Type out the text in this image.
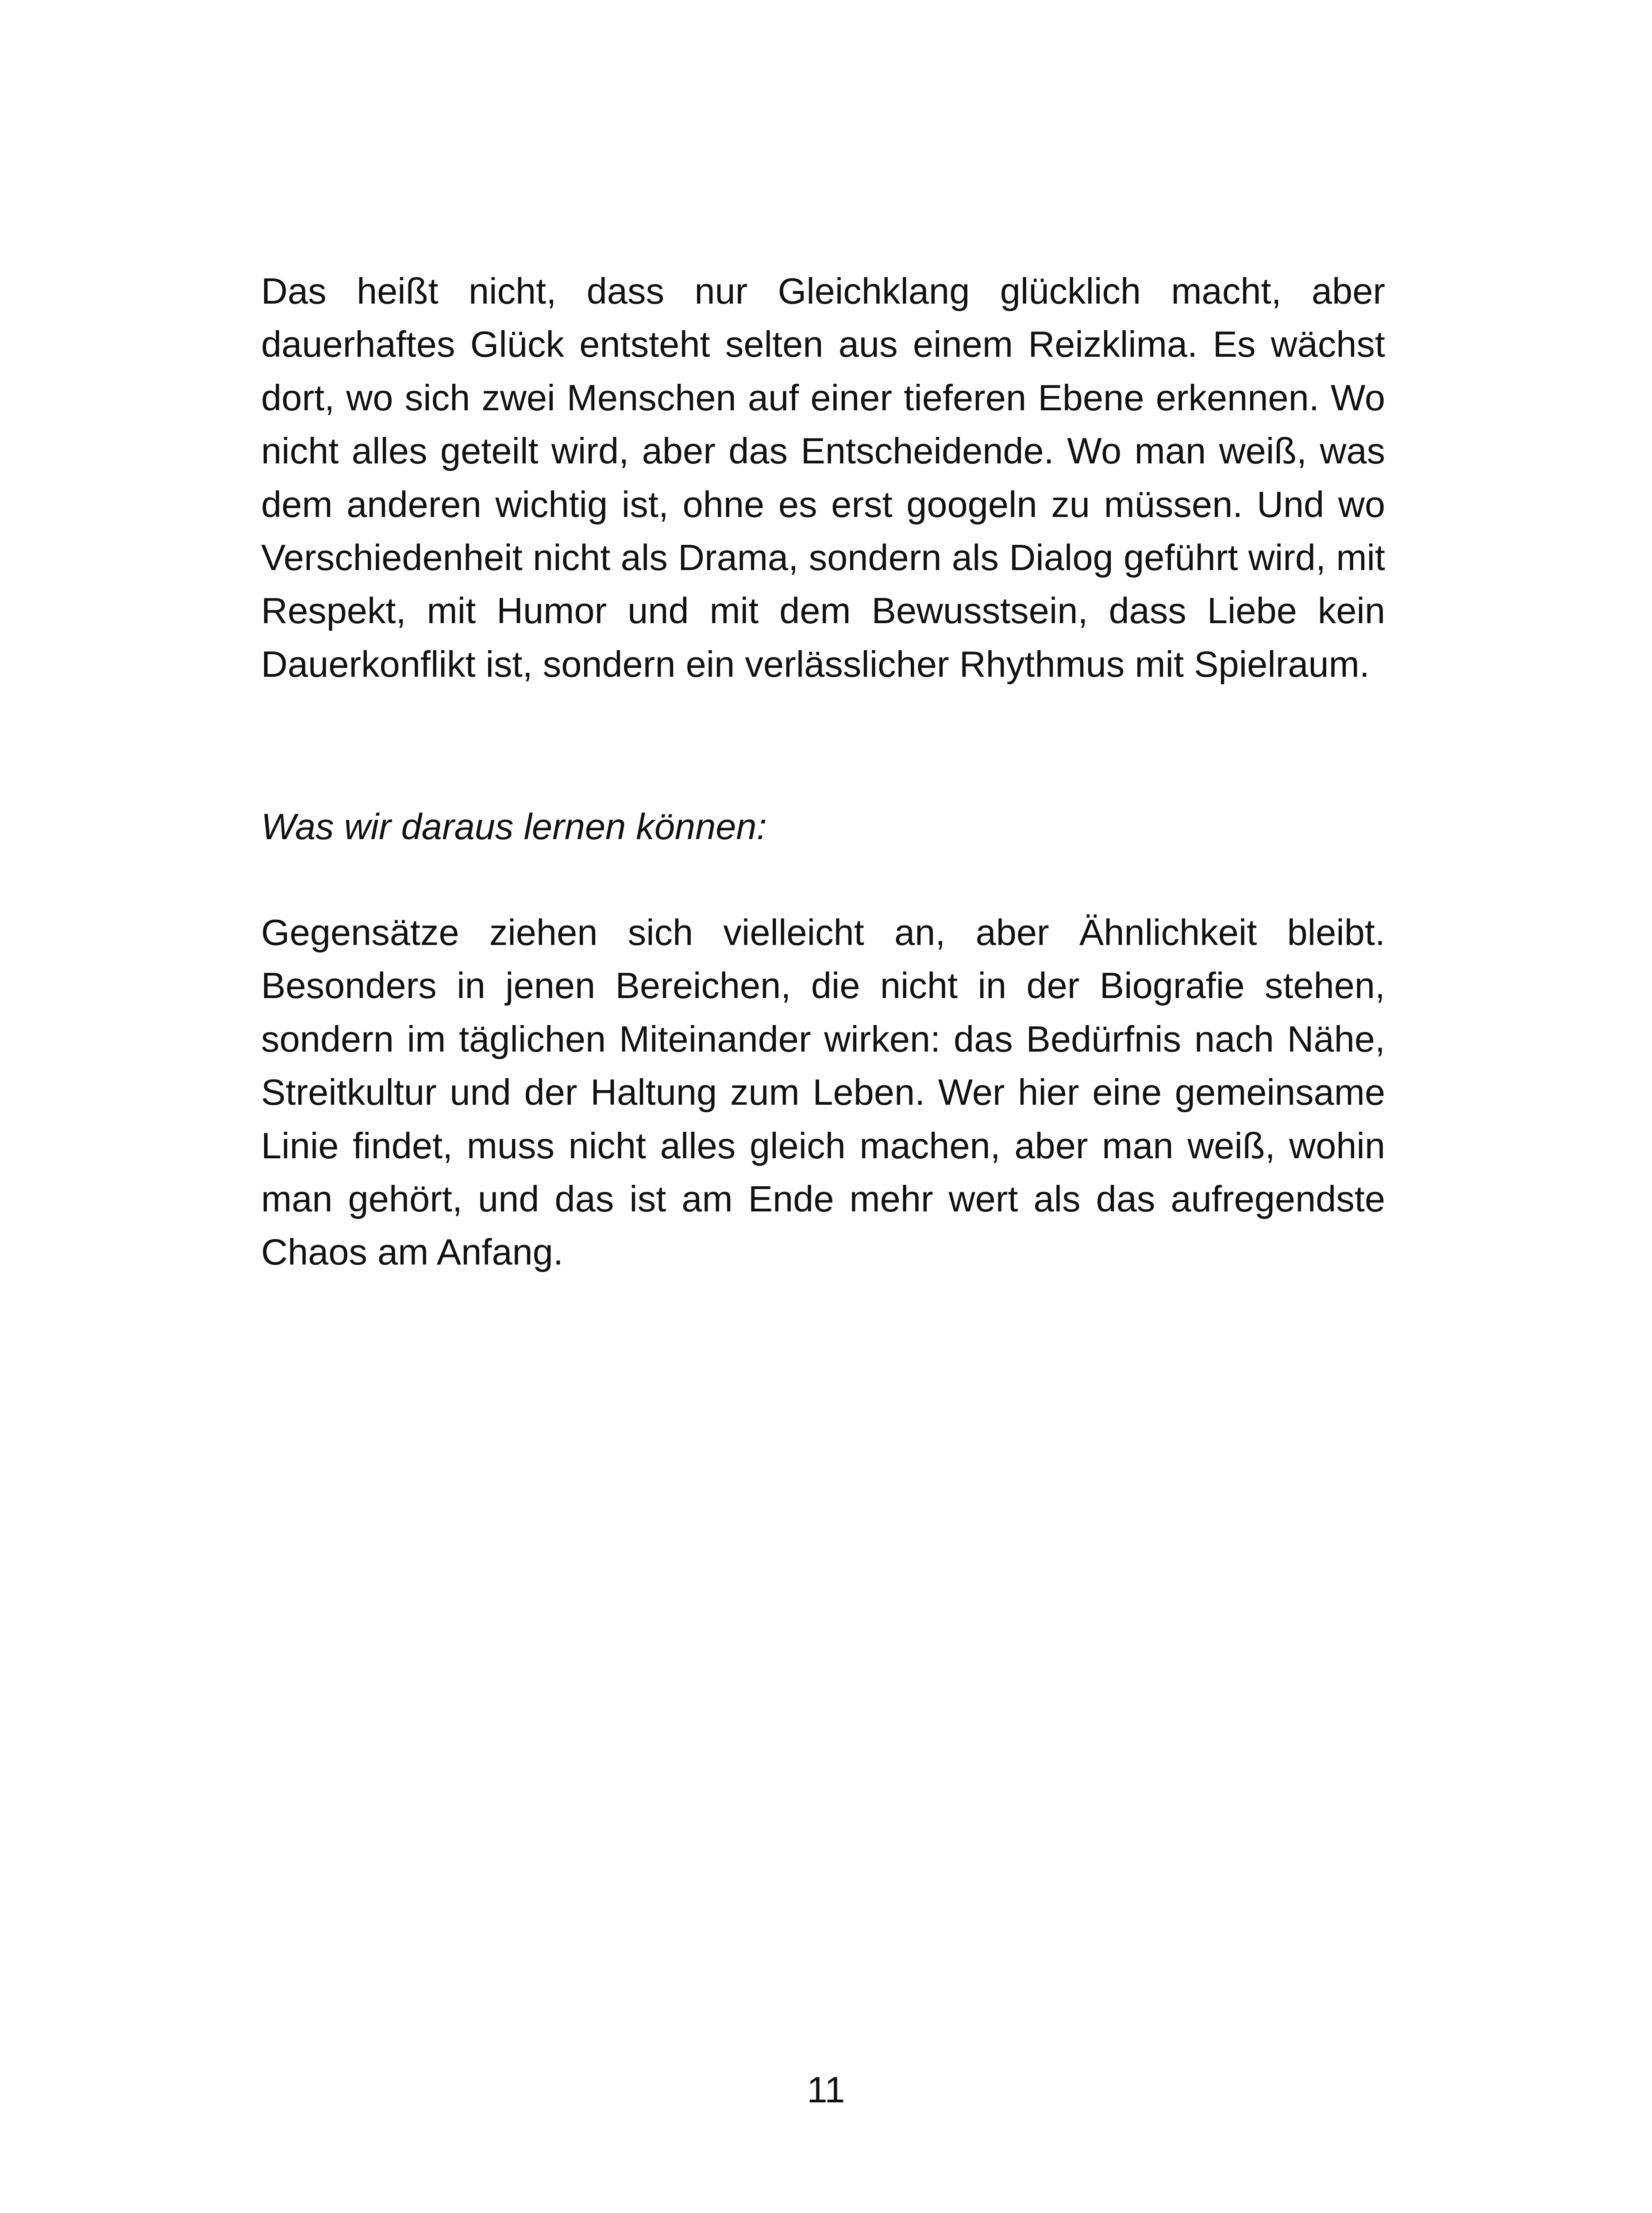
Das heißt nicht, dass nur Gleichklang glücklich macht, aber dauerhaftes Glück entsteht selten aus einem Reizklima. Es wächst dort, wo sich zwei Menschen auf einer tieferen Ebene erkennen. Wo nicht alles geteilt wird, aber das Entscheidende. Wo man weiß, was dem anderen wichtig ist, ohne es erst googeln zu müssen. Und wo Verschiedenheit nicht als Drama, sondern als Dialog geführt wird, mit Respekt, mit Humor und mit dem Bewusstsein, dass Liebe kein Dauerkonflikt ist, sondern ein verlässlicher Rhythmus mit Spielraum.

Was wir daraus lernen können:

Gegensätze ziehen sich vielleicht an, aber Ähnlichkeit bleibt. Besonders in jenen Bereichen, die nicht in der Biografie stehen, sondern im täglichen Miteinander wirken: das Bedürfnis nach Nähe, Streitkultur und der Haltung zum Leben. Wer hier eine gemeinsame Linie findet, muss nicht alles gleich machen, aber man weiß, wohin man gehört, und das ist am Ende mehr wert als das aufregendste Chaos am Anfang.

11
